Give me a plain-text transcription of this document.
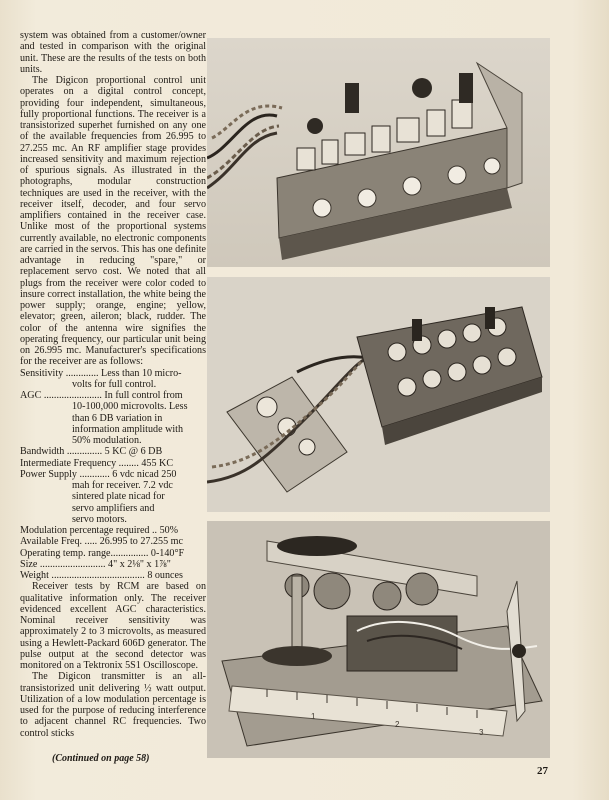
system was obtained from a customer/owner and tested in comparison with the original unit. These are the results of the tests on both units.

The Digicon proportional control unit operates on a digital control concept, providing four independent, simultaneous, fully proportional functions. The receiver is a transistorized superhet furnished on any one of the available frequencies from 26.995 to 27.255 mc. An RF amplifier stage provides increased sensitivity and maximum rejection of spurious signals. As illustrated in the photographs, modular construction techniques are used in the receiver, with the receiver itself, decoder, and four servo amplifiers contained in the receiver case. Unlike most of the proportional systems currently available, no electronic components are carried in the servos. This has one definite advantage in reducing "spare," or replacement servo cost. We noted that all plugs from the receiver were color coded to insure correct installation, the white being the power supply; orange, engine; yellow, elevator; green, aileron; black, rudder. The color of the antenna wire signifies the operating frequency, our particular unit being on 26.995 mc. Manufacturer's specifications for the receiver are as follows:

Sensitivity ............. Less than 10 micro-
volts for full control.
AGC ....................... In full control from
10-100,000 microvolts. Less
than 6 DB variation in
information amplitude with
50% modulation.
Bandwidth .............. 5 KC @ 6 DB
Intermediate Frequency ........ 455 KC
Power Supply ............ 6 vdc nicad 250
mah for receiver. 7.2 vdc
sintered plate nicad for
servo amplifiers and
servo motors.
Modulation percentage required .. 50%
Available Freq. ..... 26.995 to 27.255 mc
Operating temp. range............... 0-140°F
Size .......................... 4" x 2⅛" x 1⅞"
Weight ..................................... 8 ounces

Receiver tests by RCM are based on qualitative information only. The receiver evidenced excellent AGC characteristics. Nominal receiver sensitivity was approximately 2 to 3 microvolts, as measured using a Hewlett-Packard 606D generator. The pulse output at the second detector was monitored on a Tektronix 5S1 Oscilloscope.

The Digicon transmitter is an all-transistorized unit delivering ½ watt output. Utilization of a low modulation percentage is used for the purpose of reducing interference to adjacent channel RC frequencies. Two control sticks

(Continued on page 58)
27
1
2
3
